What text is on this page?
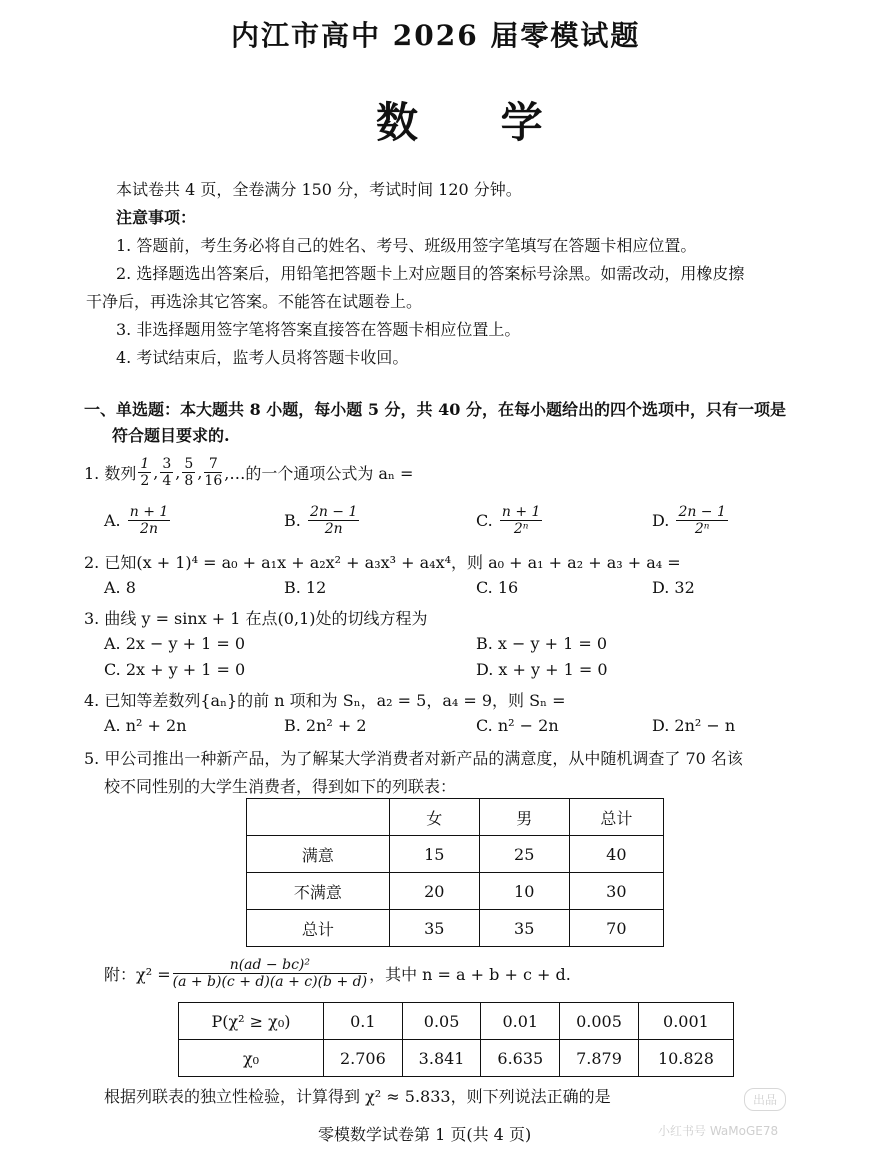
内江市高中 2026 届零模试题
数 学
本试卷共 4 页，全卷满分 150 分，考试时间 120 分钟。
注意事项：
1. 答题前，考生务必将自己的姓名、考号、班级用签字笔填写在答题卡相应位置。
2. 选择题选出答案后，用铅笔把答题卡上对应题目的答案标号涂黑。如需改动，用橡皮擦
干净后，再选涂其它答案。不能答在试题卷上。
3. 非选择题用签字笔将答案直接答在答题卡相应位置上。
4. 考试结束后，监考人员将答题卡收回。
一、单选题：本大题共 8 小题，每小题 5 分，共 40 分，在每小题给出的四个选项中，只有一项是
符合题目要求的.
1. 数列 $\frac{1}{2}$ , $\frac{3}{4}$ , $\frac{5}{8}$ , $\frac{7}{16}$ ,…的一个通项公式为 aₙ =
A.
$\frac{n + 1}{2n}$	B.
$\frac{2n - 1}{2n}$	C.
$\frac{n + 1}{\text{2ⁿ}}$	D.
$\frac{2n - 1}{\text{2ⁿ}}$
2. 已知(x + 1)⁴ = a₀ + a₁x + a₂x² + a₃x³ + a₄x⁴，则 a₀ + a₁ + a₂ + a₃ + a₄ =
A. 8	B. 12	C. 16	D. 32
3. 曲线 y = sinx + 1 在点(0,1)处的切线方程为
A. 2x − y + 1 = 0	B. x − y + 1 = 0
C. 2x + y + 1 = 0	D. x + y + 1 = 0
4. 已知等差数列{aₙ}的前 n 项和为 Sₙ，a₂ = 5，a₄ = 9，则 Sₙ =
A. n² + 2n	B. 2n² + 2	C. n² − 2n	D. 2n² − n
5. 甲公司推出一种新产品，为了解某大学消费者对新产品的满意度，从中随机调查了 70 名该
校不同性别的大学生消费者，得到如下的列联表：
	女	男	总计
满意	15	25	40
不满意	20	10	30
总计	35	35	70
附：$\chi^2 = \frac{\text{n(ad − bc)²}}{(a + b)(c + d)(a + c)(b + d)}$ ，其中 n = a + b + c + d.
P(χ² ≥ χ₀)	0.1	0.05	0.01	0.005	0.001
χ₀	2.706	3.841	6.635	7.879	10.828
根据列联表的独立性检验，计算得到 χ² ≈ 5.833，则下列说法正确的是
零模数学试卷第 1 页(共 4 页)
出品
小红书号 WaMoGE78
